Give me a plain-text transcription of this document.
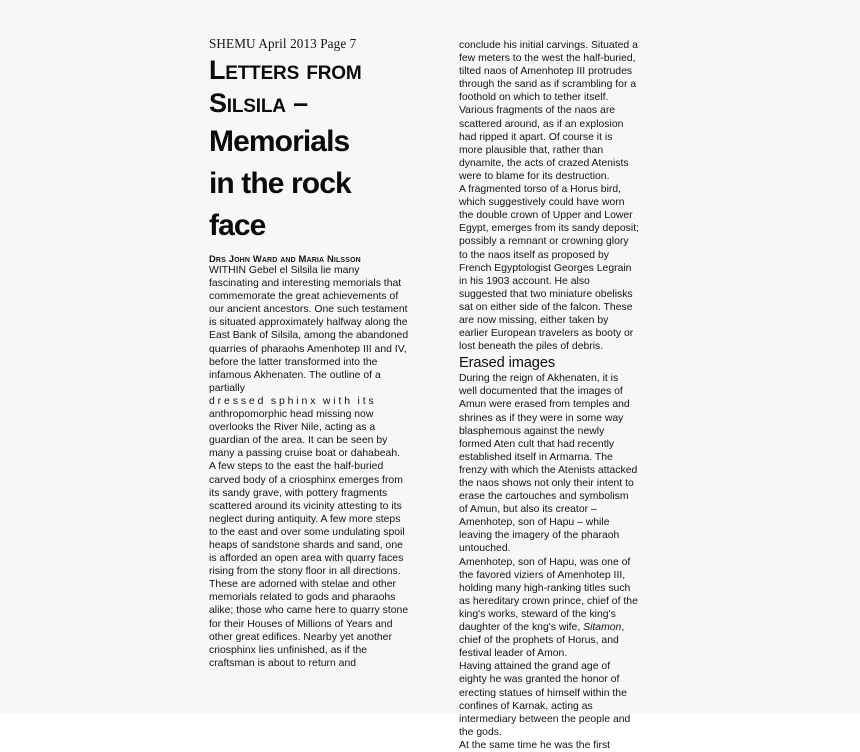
SHEMU April 2013 Page 7
Letters from
Silsila –
Memorials
in the rock
face
Drs John Ward and Maria Nilsson

WITHIN Gebel el Silsila lie many fascinating and interesting memorials that commemorate the great achievements of our ancient ancestors. One such testament is situated approximately halfway along the East Bank of Silsila, among the abandoned quarries of pharaohs Amenhotep III and IV, before the latter transformed into the infamous Akhenaten. The outline of a partially

dressed sphinx with its

anthropomorphic head missing now overlooks the River Nile, acting as a guardian of the area. It can be seen by many a passing cruise boat or dahabeah.

A few steps to the east the half-buried carved body of a criosphinx emerges from its sandy grave, with pottery fragments scattered around its vicinity attesting to its neglect during antiquity. A few more steps to the east and over some undulating spoil heaps of sandstone shards and sand, one is afforded an open area with quarry faces rising from the stony floor in all directions. These are adorned with stelae and other memorials related to gods and pharaohs alike; those who came here to quarry stone for their Houses of Millions of Years and other great edifices. Nearby yet another criosphinx lies unfinished, as if the craftsman is about to return and

conclude his initial carvings. Situated a few meters to the west the half-buried, tilted naos of Amenhotep III protrudes through the sand as if scrambling for a foothold on which to tether itself. Various fragments of the naos are scattered around, as if an explosion had ripped it apart. Of course it is more plausible that, rather than dynamite, the acts of crazed Atenists were to blame for its destruction.

A fragmented torso of a Horus bird, which suggestively could have worn the double crown of Upper and Lower Egypt, emerges from its sandy deposit; possibly a remnant or crowning glory to the naos itself as proposed by French Egyptologist Georges Legrain in his 1903 account. He also suggested that two miniature obelisks sat on either side of the falcon. These are now missing, either taken by earlier European travelers as booty or lost beneath the piles of debris.

Erased images

During the reign of Akhenaten, it is well documented that the images of Amun were erased from temples and shrines as if they were in some way blasphemous against the newly formed Aten cult that had recently established itself in Armarna. The frenzy with which the Atenists attacked the naos shows not only their intent to erase the cartouches and symbolism of Amun, but also its creator – Amenhotep, son of Hapu – while leaving the imagery of the pharaoh untouched.

Amenhotep, son of Hapu, was one of the favored viziers of Amenhotep III, holding many high-ranking titles such as hereditary crown prince, chief of the king's works, steward of the king's daughter of the kng's wife, Sitamon, chief of the prophets of Horus, and festival leader of Amon.

Having attained the grand age of eighty he was granted the honor of erecting statues of himself within the confines of Karnak, acting as intermediary between the people and the gods.

At the same time he was the first
